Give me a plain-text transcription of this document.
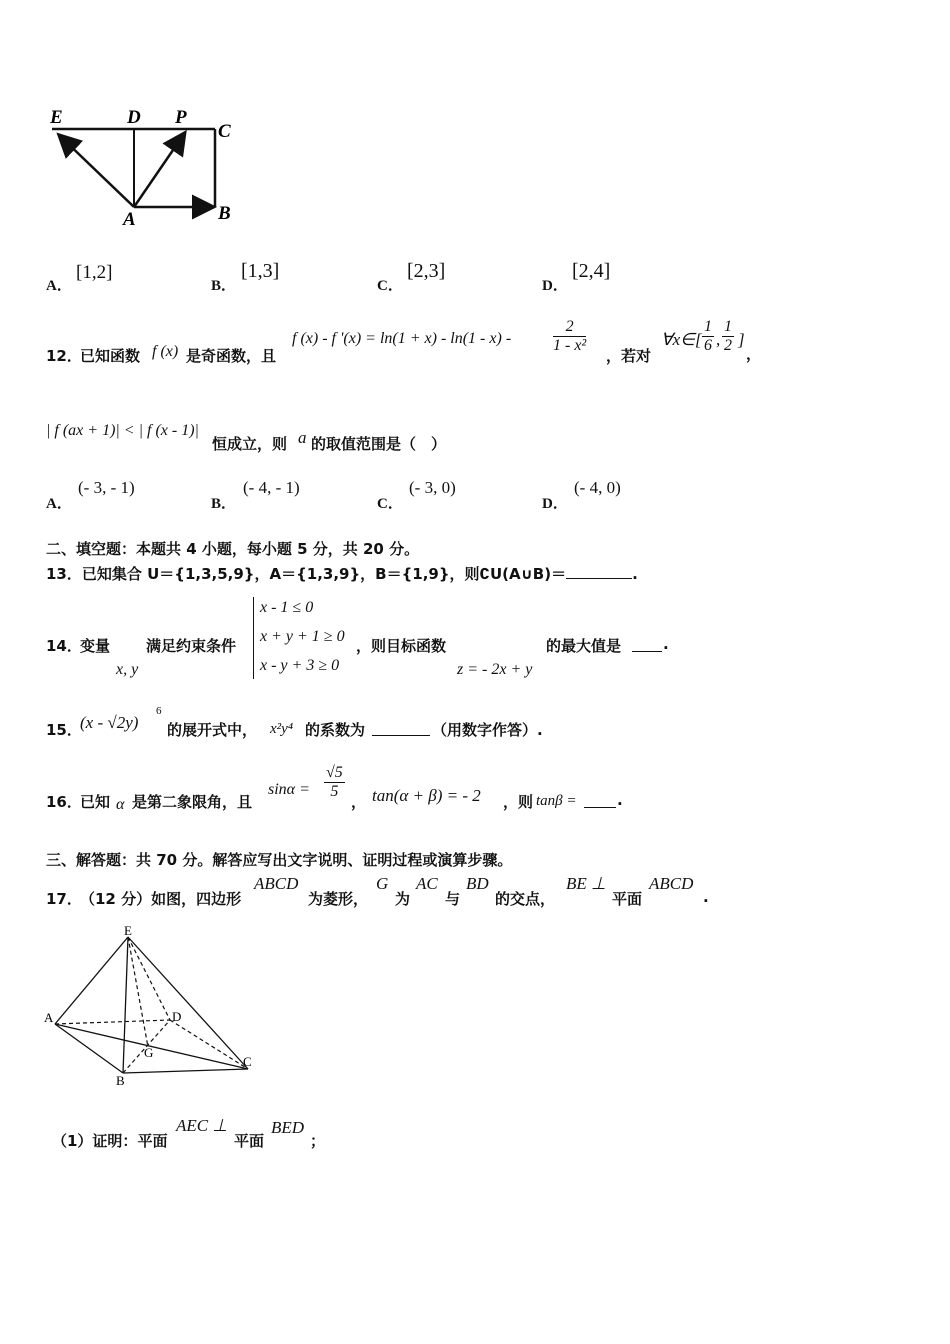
E	D P
C
A	B
A．
[1,2]
B．
[1,3]
C．
[2,3]
D．
[2,4]
12．
已知函数 f (x) 是奇函数，且
f (x) - f '(x) = ln(1 + x) - ln(1 - x) -	$\frac{2}{\text{1 - x²}}$
，若对
∀x∈[ $\frac{1}{6}$ , $\frac{1}{2}$ ]
，
| f (ax + 1)| < | f (x - 1)|
恒成立，则 a 的取值范围是（　）
A．
(- 3, - 1)
B．
(- 4, - 1)
C．
(- 3, 0)
D．
(- 4, 0)
二、填空题：本题共 4 小题，每小题 5 分，共 20 分。
13．已知集合 U＝{1,3,5,9}，A＝{1,3,9}，B＝{1,9}，则∁U(A∪B)＝	.
14．
变量 满足约束条件
x, y
x - 1 ≤ 0
x + y + 1 ≥ 0
x - y + 3 ≥ 0
，则目标函数
z = - 2x + y
的最大值是	.
15．
(x - √2y)
6
的展开式中， x²y⁴ 的系数为	（用数字作答）.
16．
已知 α 是第二象限角，且
$\sin\alpha = \frac{√5}{5}$
， tan(α + β) = - 2 ，则 tanβ =	.
三、解答题：共 70 分。解答应写出文字说明、证明过程或演算步骤。
17．
（12 分）如图，四边形
ABCD
为菱形，
G
为
AC
与
BD
的交点，
BE ⊥
平面
ABCD
.
E
A	D
G
B
C
（1）证明：平面
AEC ⊥
平面
BED
；
